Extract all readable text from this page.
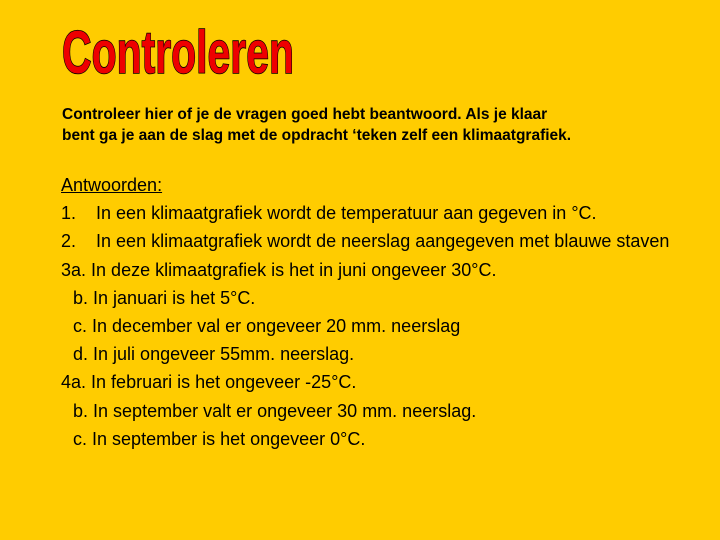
Controleren

Controleer hier of je de vragen goed hebt beantwoord. Als je klaar
bent ga je aan de slag met de opdracht ‘teken zelf een klimaatgrafiek.

Antwoorden:
1. In een klimaatgrafiek wordt de temperatuur aan gegeven in °C.
2. In een klimaatgrafiek wordt de neerslag aangegeven met blauwe staven
3a. In deze klimaatgrafiek is het in juni ongeveer 30°C.
b. In januari is het 5°C.
c. In december val er ongeveer 20 mm. neerslag
d. In juli ongeveer 55mm. neerslag.
4a. In februari is het ongeveer -25°C.
b. In september valt er ongeveer 30 mm. neerslag.
c. In september is het ongeveer 0°C.
